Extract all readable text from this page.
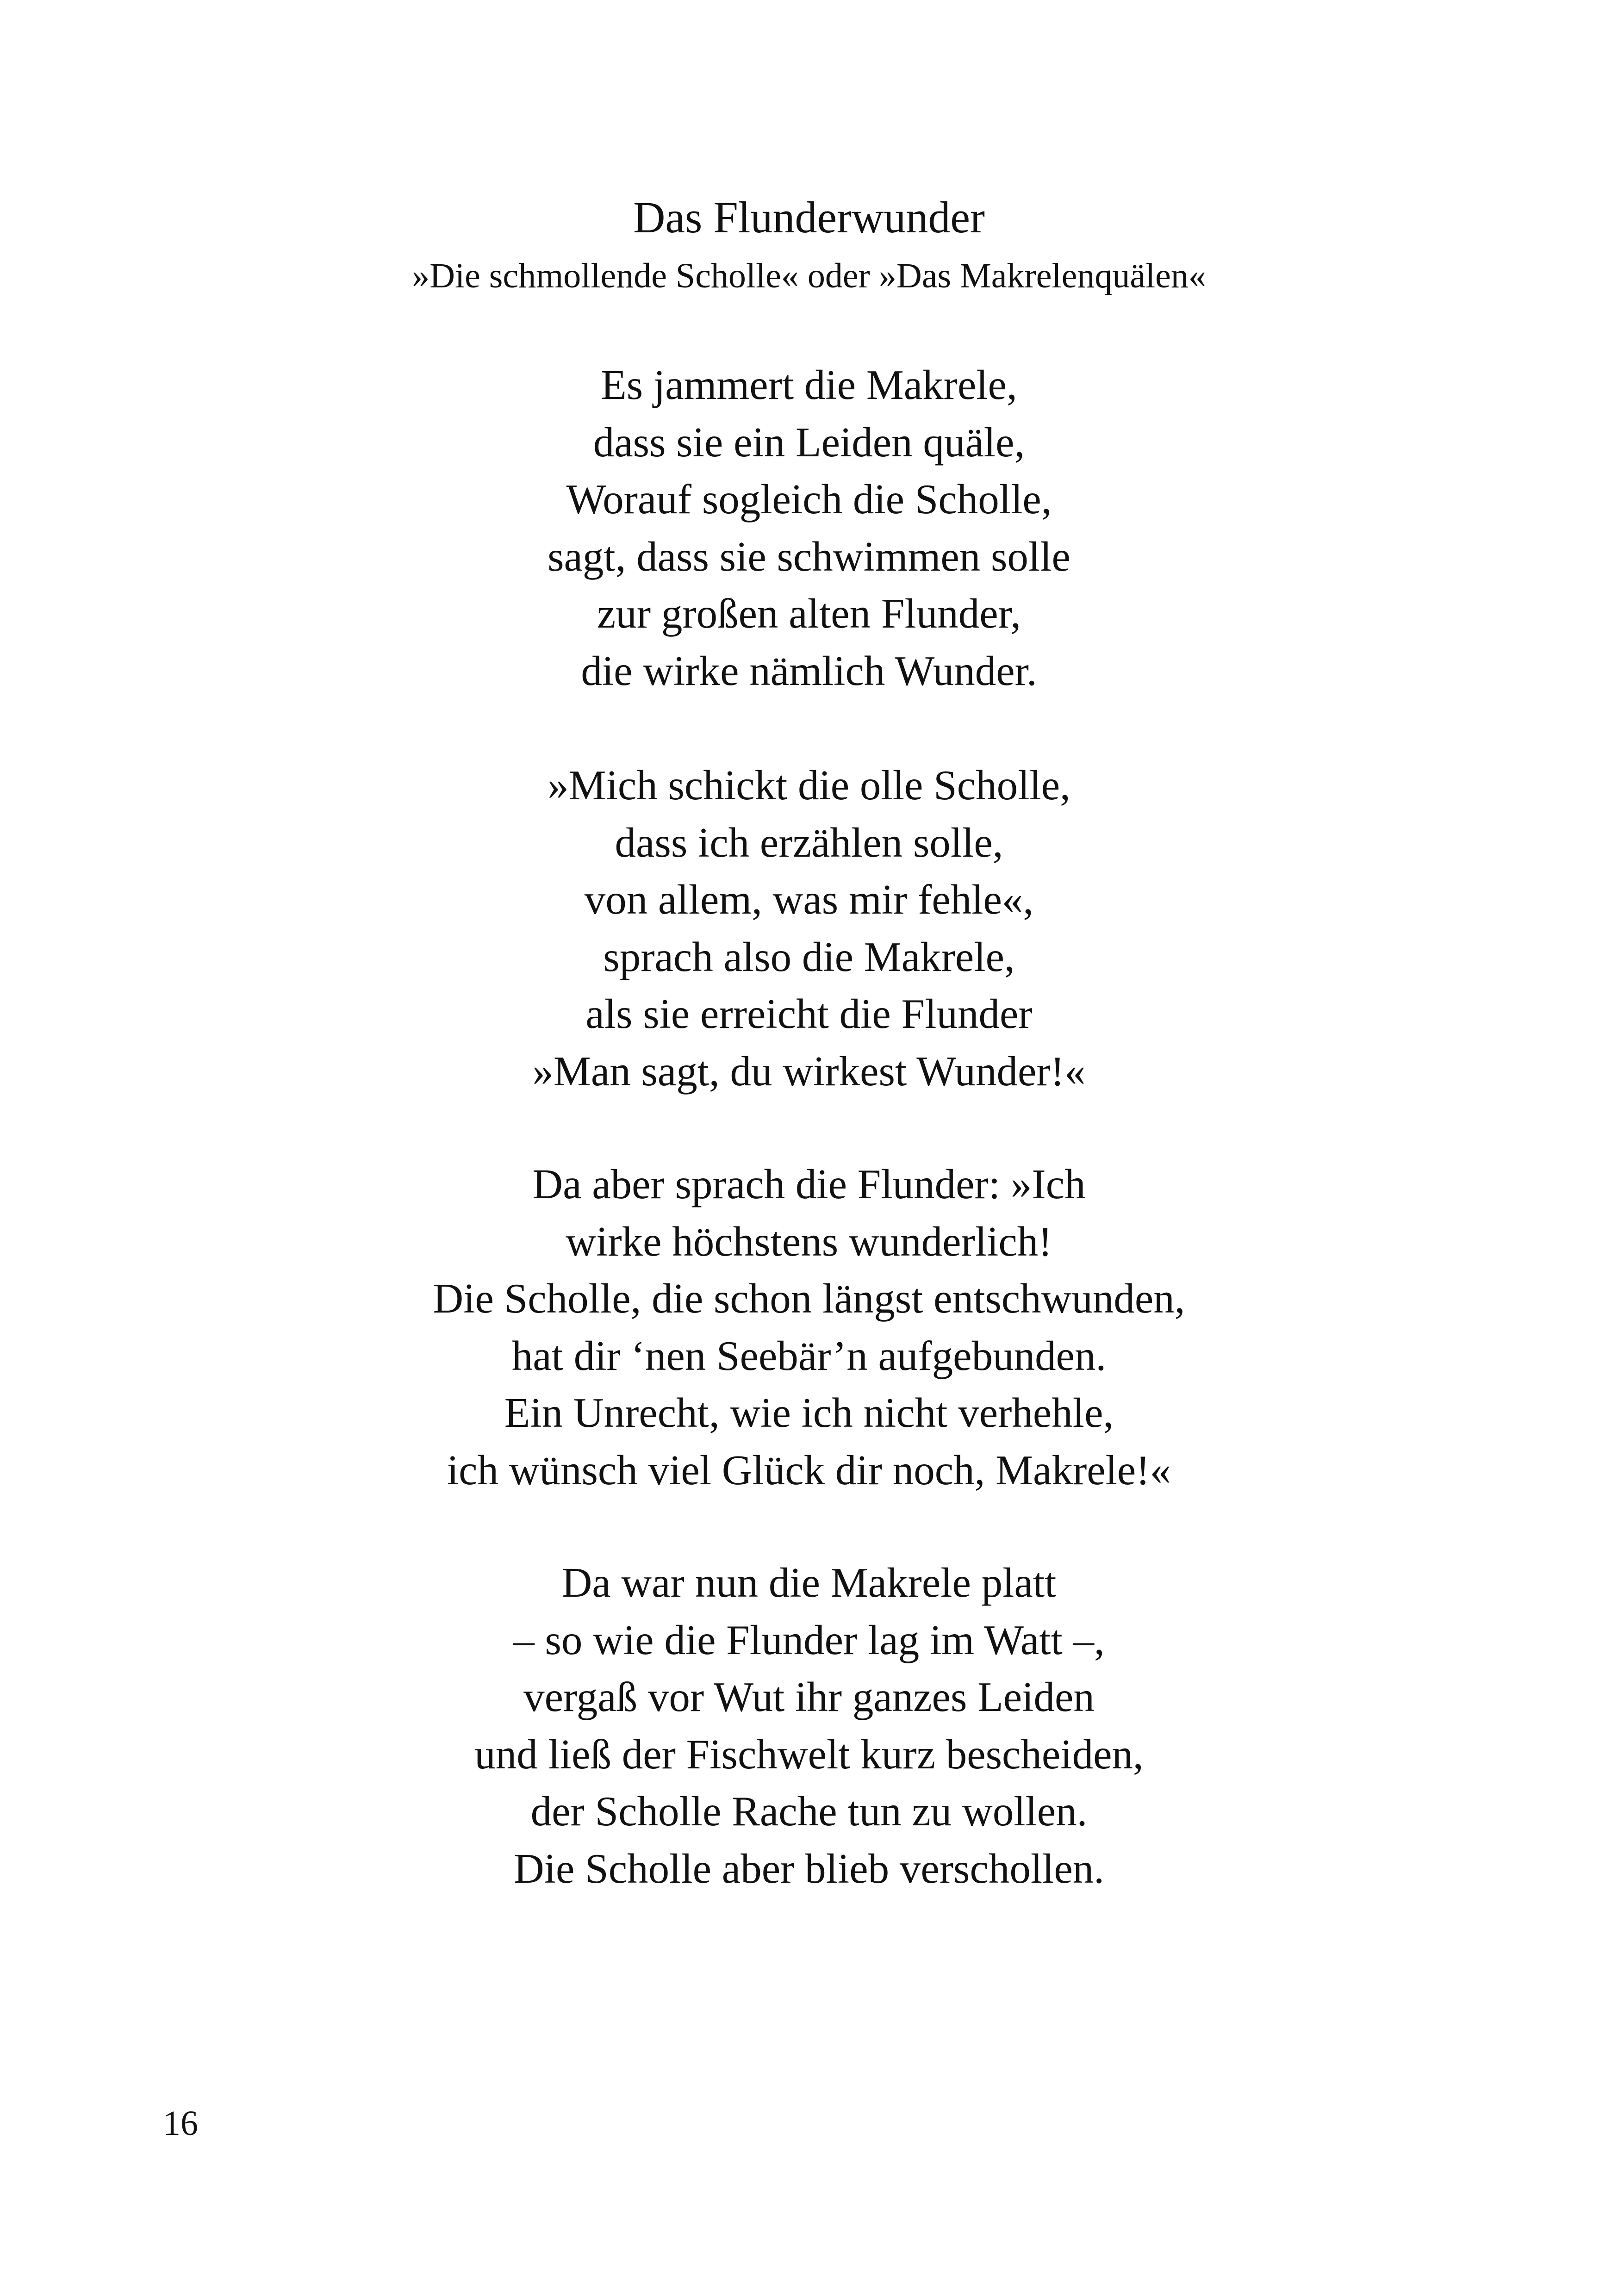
Das Flunderwunder

»Die schmollende Scholle« oder »Das Makrelenquälen«

Es jammert die Makrele,
dass sie ein Leiden quäle,
Worauf sogleich die Scholle,
sagt, dass sie schwimmen solle
zur großen alten Flunder,
die wirke nämlich Wunder.
»Mich schickt die olle Scholle,
dass ich erzählen solle,
von allem, was mir fehle«,
sprach also die Makrele,
als sie erreicht die Flunder
»Man sagt, du wirkest Wunder!«
Da aber sprach die Flunder: »Ich
wirke höchstens wunderlich!
Die Scholle, die schon längst entschwunden,
hat dir ‘nen Seebär’n aufgebunden.
Ein Unrecht, wie ich nicht verhehle,
ich wünsch viel Glück dir noch, Makrele!«
Da war nun die Makrele platt
– so wie die Flunder lag im Watt –,
vergaß vor Wut ihr ganzes Leiden
und ließ der Fischwelt kurz bescheiden,
der Scholle Rache tun zu wollen.
Die Scholle aber blieb verschollen.

16
